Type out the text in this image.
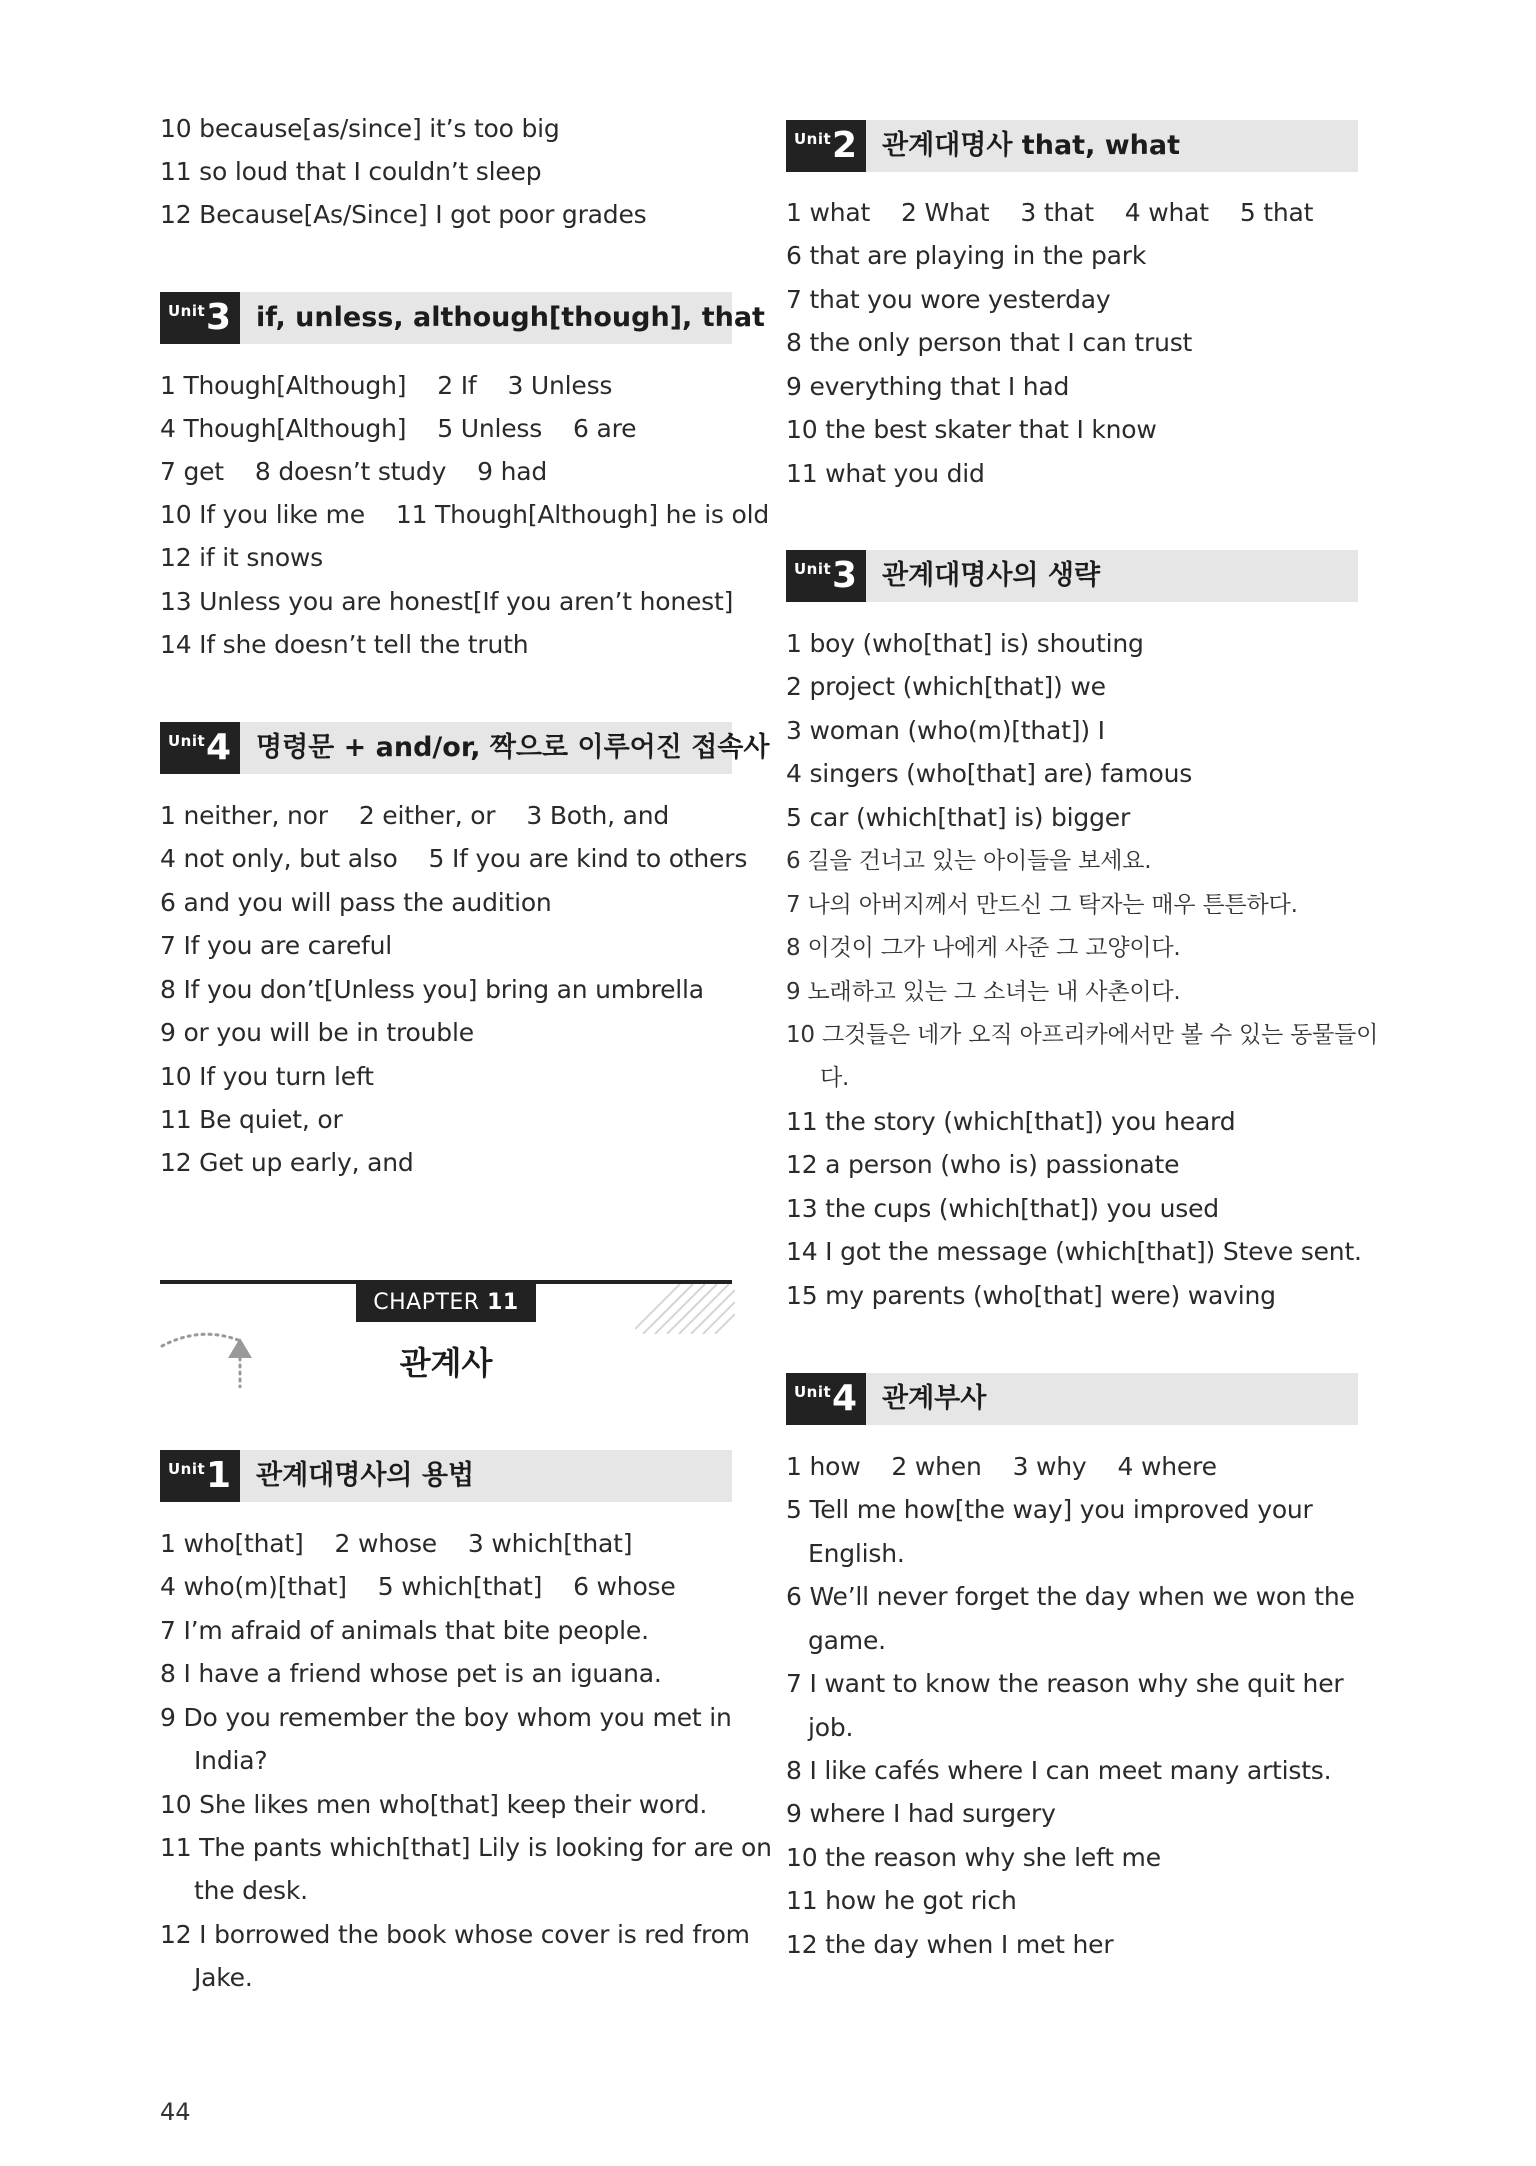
10 because[as/since] it’s too big
11 so loud that I couldn’t sleep
12 Because[As/Since] I got poor grades
Unit 3 if, unless, although[though], that
1 Though[Although]    2 If    3 Unless
4 Though[Although]    5 Unless    6 are
7 get    8 doesn’t study    9 had
10 If you like me    11 Though[Although] he is old
12 if it snows
13 Unless you are honest[If you aren’t honest]
14 If she doesn’t tell the truth
Unit 4 명령문 + and/or, 짝으로 이루어진 접속사
1 neither, nor    2 either, or    3 Both, and
4 not only, but also    5 If you are kind to others
6 and you will pass the audition
7 If you are careful
8 If you don’t[Unless you] bring an umbrella
9 or you will be in trouble
10 If you turn left
11 Be quiet, or
12 Get up early, and
CHAPTER 11
관계사
Unit 1 관계대명사의 용법
1 who[that]    2 whose    3 which[that]
4 who(m)[that]    5 which[that]    6 whose
7 I’m afraid of animals that bite people.
8 I have a friend whose pet is an iguana.
9 Do you remember the boy whom you met in
India?
10 She likes men who[that] keep their word.
11 The pants which[that] Lily is looking for are on
the desk.
12 I borrowed the book whose cover is red from
Jake.
Unit 2 관계대명사 that, what
1 what    2 What    3 that    4 what    5 that
6 that are playing in the park
7 that you wore yesterday
8 the only person that I can trust
9 everything that I had
10 the best skater that I know
11 what you did
Unit 3 관계대명사의 생략
1 boy (who[that] is) shouting
2 project (which[that]) we
3 woman (who(m)[that]) I
4 singers (who[that] are) famous
5 car (which[that] is) bigger
6 길을 건너고 있는 아이들을 보세요.
7 나의 아버지께서 만드신 그 탁자는 매우 튼튼하다.
8 이것이 그가 나에게 사준 그 고양이다.
9 노래하고 있는 그 소녀는 내 사촌이다.
10 그것들은 네가 오직 아프리카에서만 볼 수 있는 동물들이
다.
11 the story (which[that]) you heard
12 a person (who is) passionate
13 the cups (which[that]) you used
14 I got the message (which[that]) Steve sent.
15 my parents (who[that] were) waving
Unit 4 관계부사
1 how    2 when    3 why    4 where
5 Tell me how[the way] you improved your
English.
6 We’ll never forget the day when we won the
game.
7 I want to know the reason why she quit her
job.
8 I like cafés where I can meet many artists.
9 where I had surgery
10 the reason why she left me
11 how he got rich
12 the day when I met her
44
